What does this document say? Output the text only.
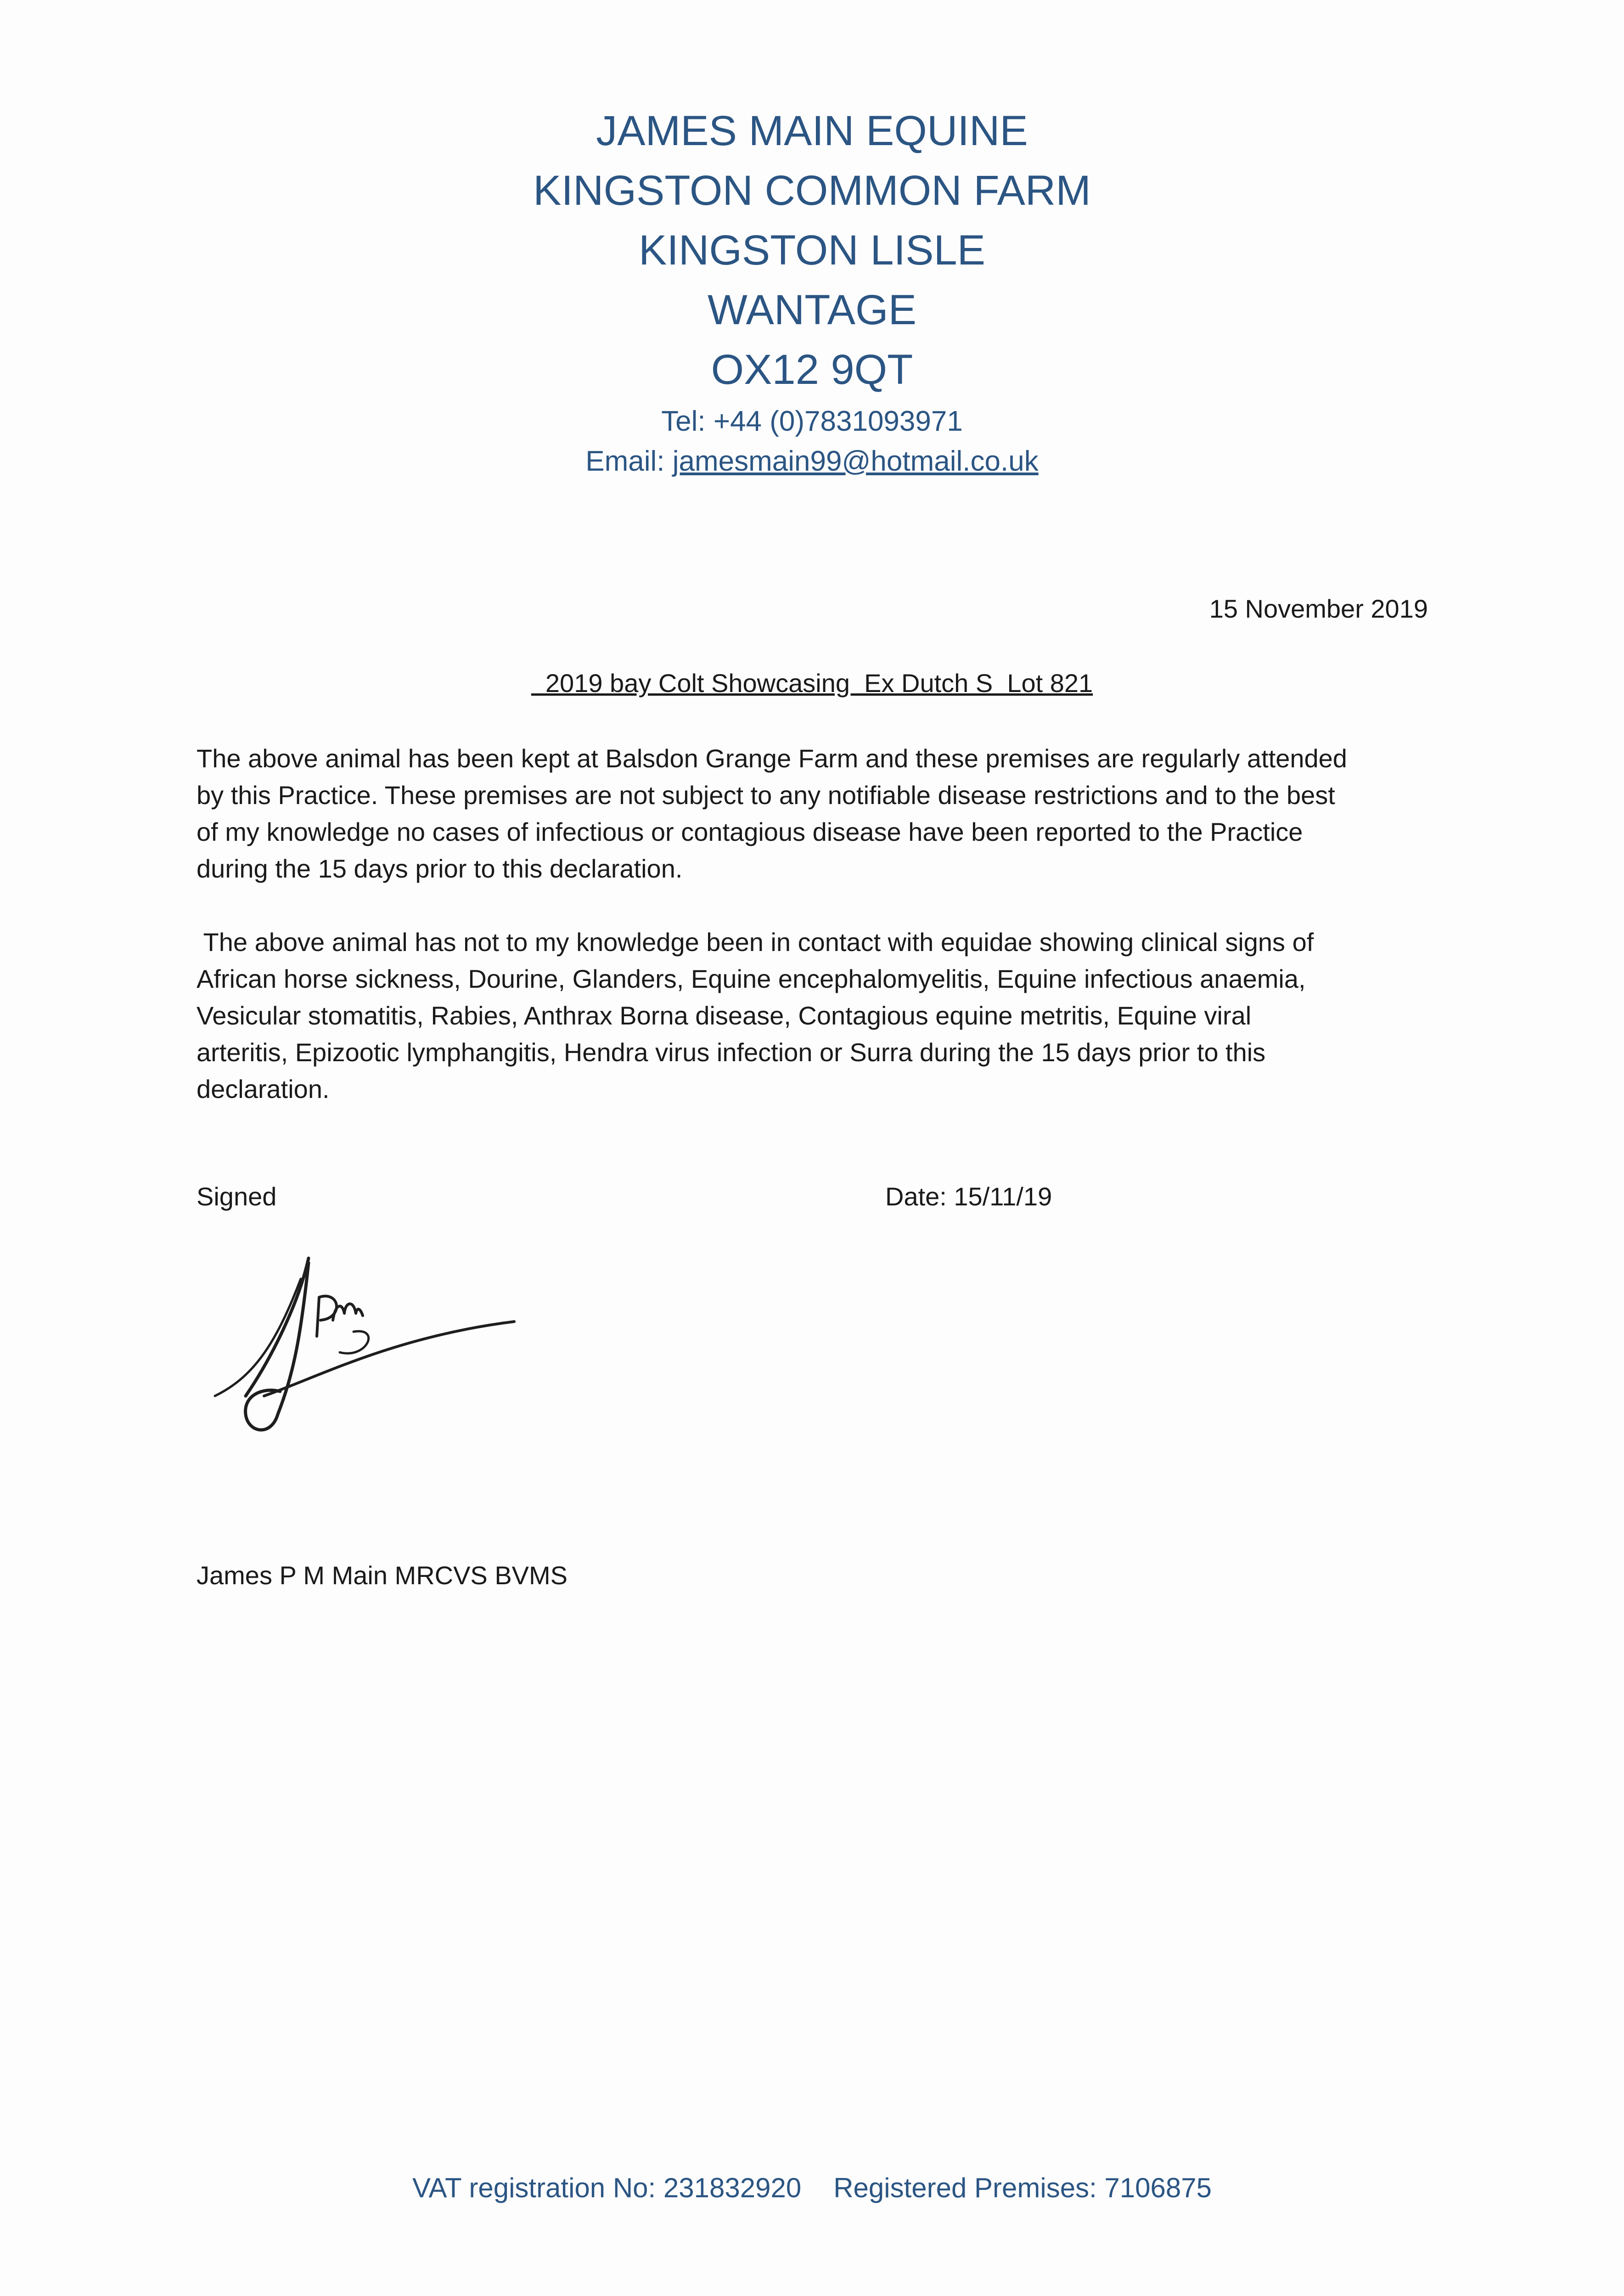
JAMES MAIN EQUINE
KINGSTON COMMON FARM
KINGSTON LISLE
WANTAGE
OX12 9QT
Tel: +44 (0)7831093971
Email: jamesmain99@hotmail.co.uk
15 November 2019
2019 bay Colt Showcasing  Ex Dutch S  Lot 821

The above animal has been kept at Balsdon Grange Farm and these premises are regularly attended

by this Practice. These premises are not subject to any notifiable disease restrictions and to the best

of my knowledge no cases of infectious or contagious disease have been reported to the Practice

during the 15 days prior to this declaration.

The above animal has not to my knowledge been in contact with equidae showing clinical signs of

African horse sickness, Dourine, Glanders, Equine encephalomyelitis, Equine infectious anaemia,

Vesicular stomatitis, Rabies, Anthrax Borna disease, Contagious equine metritis, Equine viral

arteritis, Epizootic lymphangitis, Hendra virus infection or Surra during the 15 days prior to this

declaration.

Signed	Date: 15/11/19
James P M Main MRCVS BVMS
VAT registration No: 231832920 Registered Premises: 7106875
